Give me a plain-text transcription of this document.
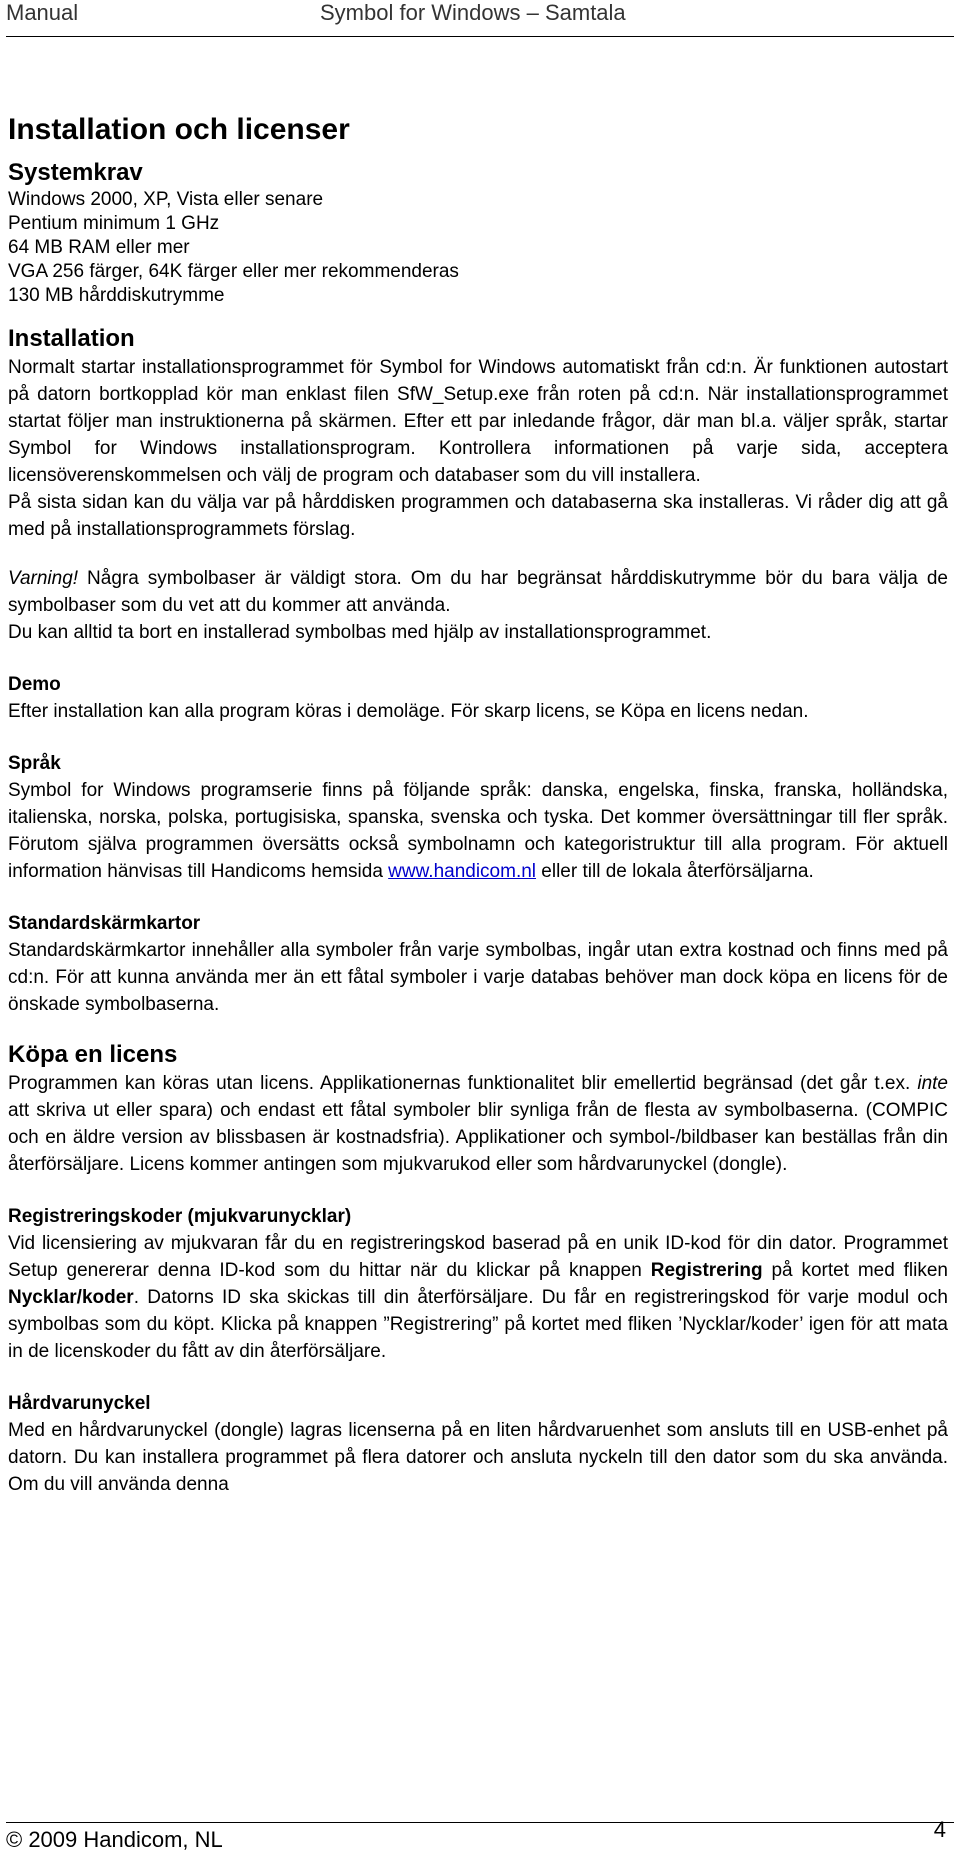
Manual	Symbol for Windows – Samtala
Installation och licenser
Systemkrav
Windows 2000, XP, Vista eller senare
Pentium minimum 1 GHz
64 MB RAM eller mer
VGA 256 färger, 64K färger eller mer rekommenderas
130 MB hårddiskutrymme
Installation

Normalt startar installationsprogrammet för Symbol for Windows automatiskt från cd:n. Är funktionen autostart på datorn bortkopplad kör man enklast filen SfW_Setup.exe från roten på cd:n. När installationsprogrammet startat följer man instruktionerna på skärmen. Efter ett par inledande frågor, där man bl.a. väljer språk, startar Symbol for Windows installationsprogram. Kontrollera informationen på varje sida, acceptera licensöverenskommelsen och välj de program och databaser som du vill installera.

På sista sidan kan du välja var på hårddisken programmen och databaserna ska installeras. Vi råder dig att gå med på installationsprogrammets förslag.

Varning! Några symbolbaser är väldigt stora. Om du har begränsat hårddiskutrymme bör du bara välja de symbolbaser som du vet att du kommer att använda.

Du kan alltid ta bort en installerad symbolbas med hjälp av installationsprogrammet.

Demo

Efter installation kan alla program köras i demoläge. För skarp licens, se Köpa en licens nedan.

Språk

Symbol for Windows programserie finns på följande språk: danska, engelska, finska, franska, holländska, italienska, norska, polska, portugisiska, spanska, svenska och tyska. Det kommer översättningar till fler språk. Förutom själva programmen översätts också symbolnamn och kategoristruktur till alla program. För aktuell information hänvisas till Handicoms hemsida www.handicom.nl eller till de lokala återförsäljarna.

Standardskärmkartor

Standardskärmkartor innehåller alla symboler från varje symbolbas, ingår utan extra kostnad och finns med på cd:n. För att kunna använda mer än ett fåtal symboler i varje databas behöver man dock köpa en licens för de önskade symbolbaserna.

Köpa en licens

Programmen kan köras utan licens. Applikationernas funktionalitet blir emellertid begränsad (det går t.ex. inte att skriva ut eller spara) och endast ett fåtal symboler blir synliga från de flesta av symbolbaserna. (COMPIC och en äldre version av blissbasen är kostnadsfria). Applikationer och symbol-/bildbaser kan beställas från din återförsäljare. Licens kommer antingen som mjukvarukod eller som hårdvarunyckel (dongle).

Registreringskoder (mjukvarunycklar)

Vid licensiering av mjukvaran får du en registreringskod baserad på en unik ID-kod för din dator. Programmet Setup genererar denna ID-kod som du hittar när du klickar på knappen Registrering på kortet med fliken Nycklar/koder. Datorns ID ska skickas till din återförsäljare. Du får en registreringskod för varje modul och symbolbas som du köpt. Klicka på knappen ”Registrering” på kortet med fliken ’Nycklar/koder’ igen för att mata in de licenskoder du fått av din återförsäljare.

Hårdvarunyckel

Med en hårdvarunyckel (dongle) lagras licenserna på en liten hårdvaruenhet som ansluts till en USB-enhet på datorn. Du kan installera programmet på flera datorer och ansluta nyckeln till den dator som du ska använda. Om du vill använda denna

© 2009 Handicom, NL	4
